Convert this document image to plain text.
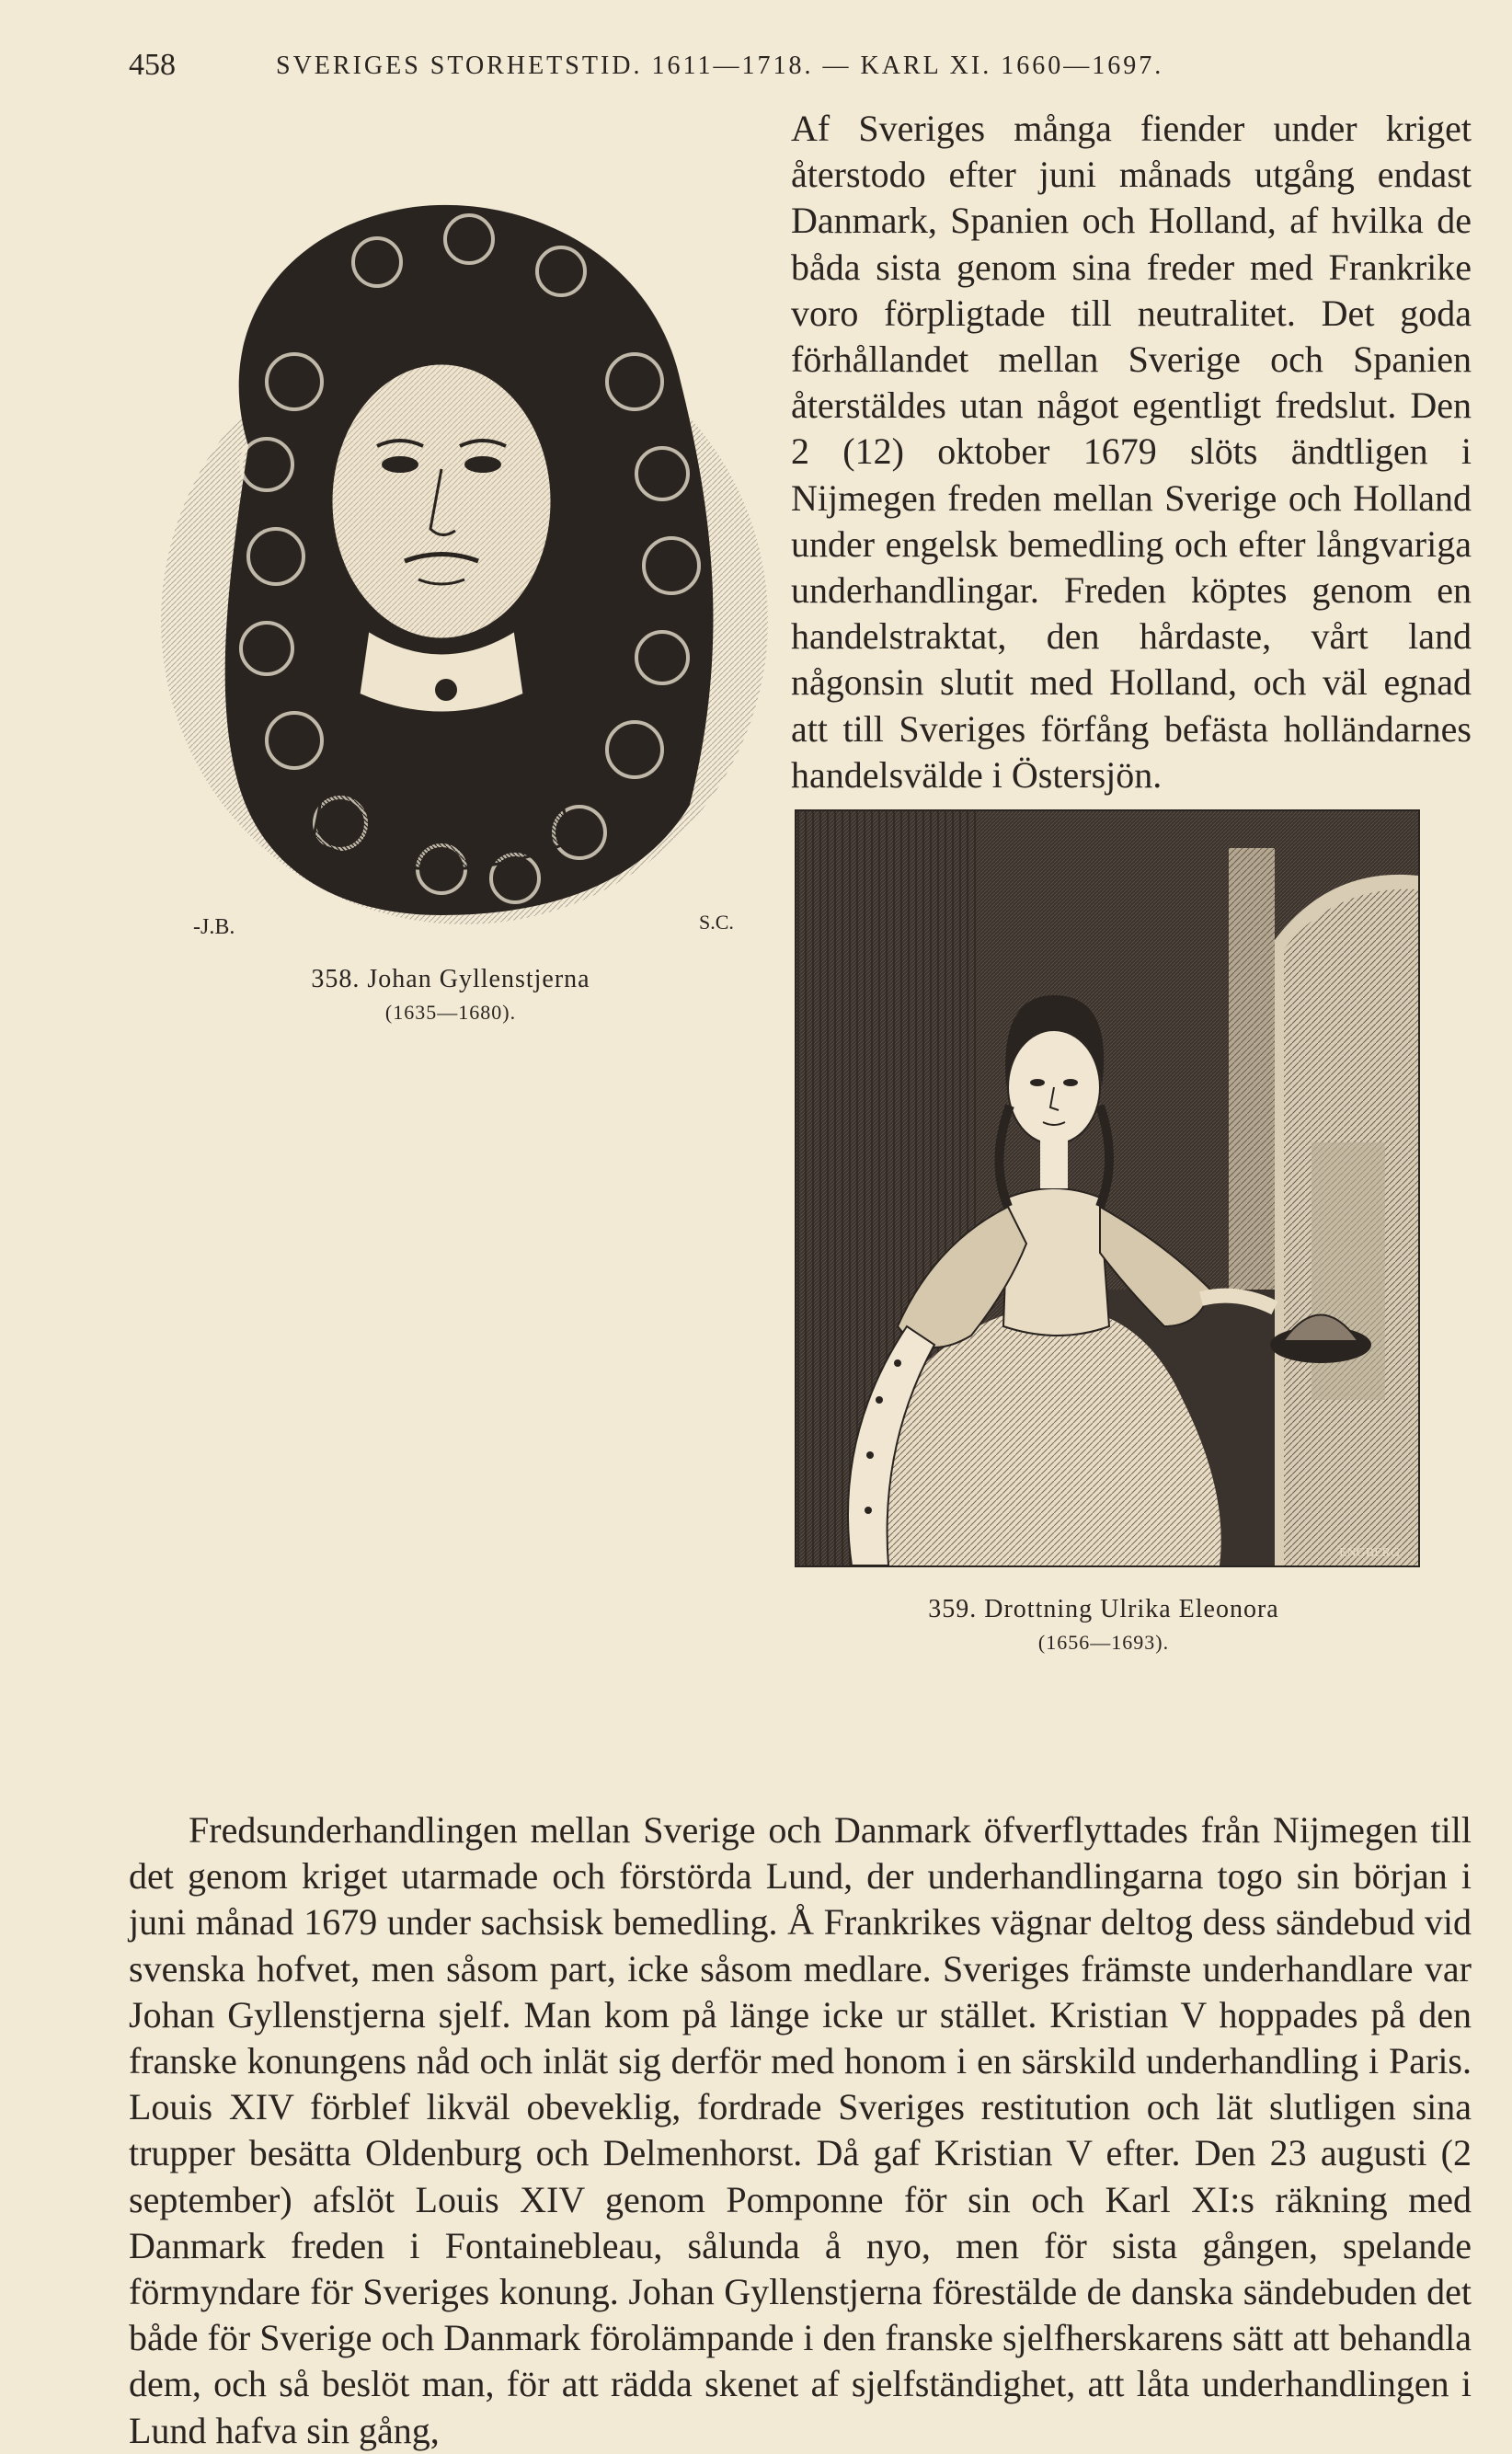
458	SVERIGES STORHETSTID. 1611—1718. — KARL XI. 1660—1697.
-J.B.	S.C.
358. Johan Gyllenstjerna
(1635—1680).

Af Sveriges många fiender under kriget återstodo efter juni månads utgång endast Danmark, Spanien och Holland, af hvilka de båda sista genom sina freder med Frankrike voro förpligtade till neutralitet. Det goda förhållandet mellan Sverige och Spanien återstäldes utan något egentligt fredslut. Den 2 (12) oktober 1679 slöts ändtligen i Nijmegen freden mellan Sverige och Holland under engelsk bemedling och efter långvariga underhandlingar. Freden köptes genom en handelstraktat, den hårdaste, vårt land någonsin slutit med Holland, och väl egnad att till Sveriges förfång befästa holländarnes handelsvälde i Östersjön.

ENGBERG
359. Drottning Ulrika Eleonora
(1656—1693).

Fredsunderhandlingen mellan Sverige och Danmark öfverflyttades från Nijmegen till det genom kriget utarmade och förstörda Lund, der underhandlingarna togo sin början i juni månad 1679 under sachsisk bemedling. Å Frankrikes vägnar deltog dess sändebud vid svenska hofvet, men såsom part, icke såsom medlare. Sveriges främste underhandlare var Johan Gyllenstjerna sjelf. Man kom på länge icke ur stället. Kristian V hoppades på den franske konungens nåd och inlät sig derför med honom i en särskild underhandling i Paris. Louis XIV förblef likväl obeveklig, fordrade Sveriges restitution och lät slutligen sina trupper besätta Oldenburg och Delmenhorst. Då gaf Kristian V efter. Den 23 augusti (2 september) afslöt Louis XIV genom Pomponne för sin och Karl XI:s räkning med Danmark freden i Fontainebleau, sålunda å nyo, men för sista gången, spelande förmyndare för Sveriges konung. Johan Gyllenstjerna förestälde de danska sändebuden det både för Sverige och Danmark förolämpande i den franske sjelfherskarens sätt att behandla dem, och så beslöt man, för att rädda skenet af sjelfständighet, att låta underhandlingen i Lund hafva sin gång,
